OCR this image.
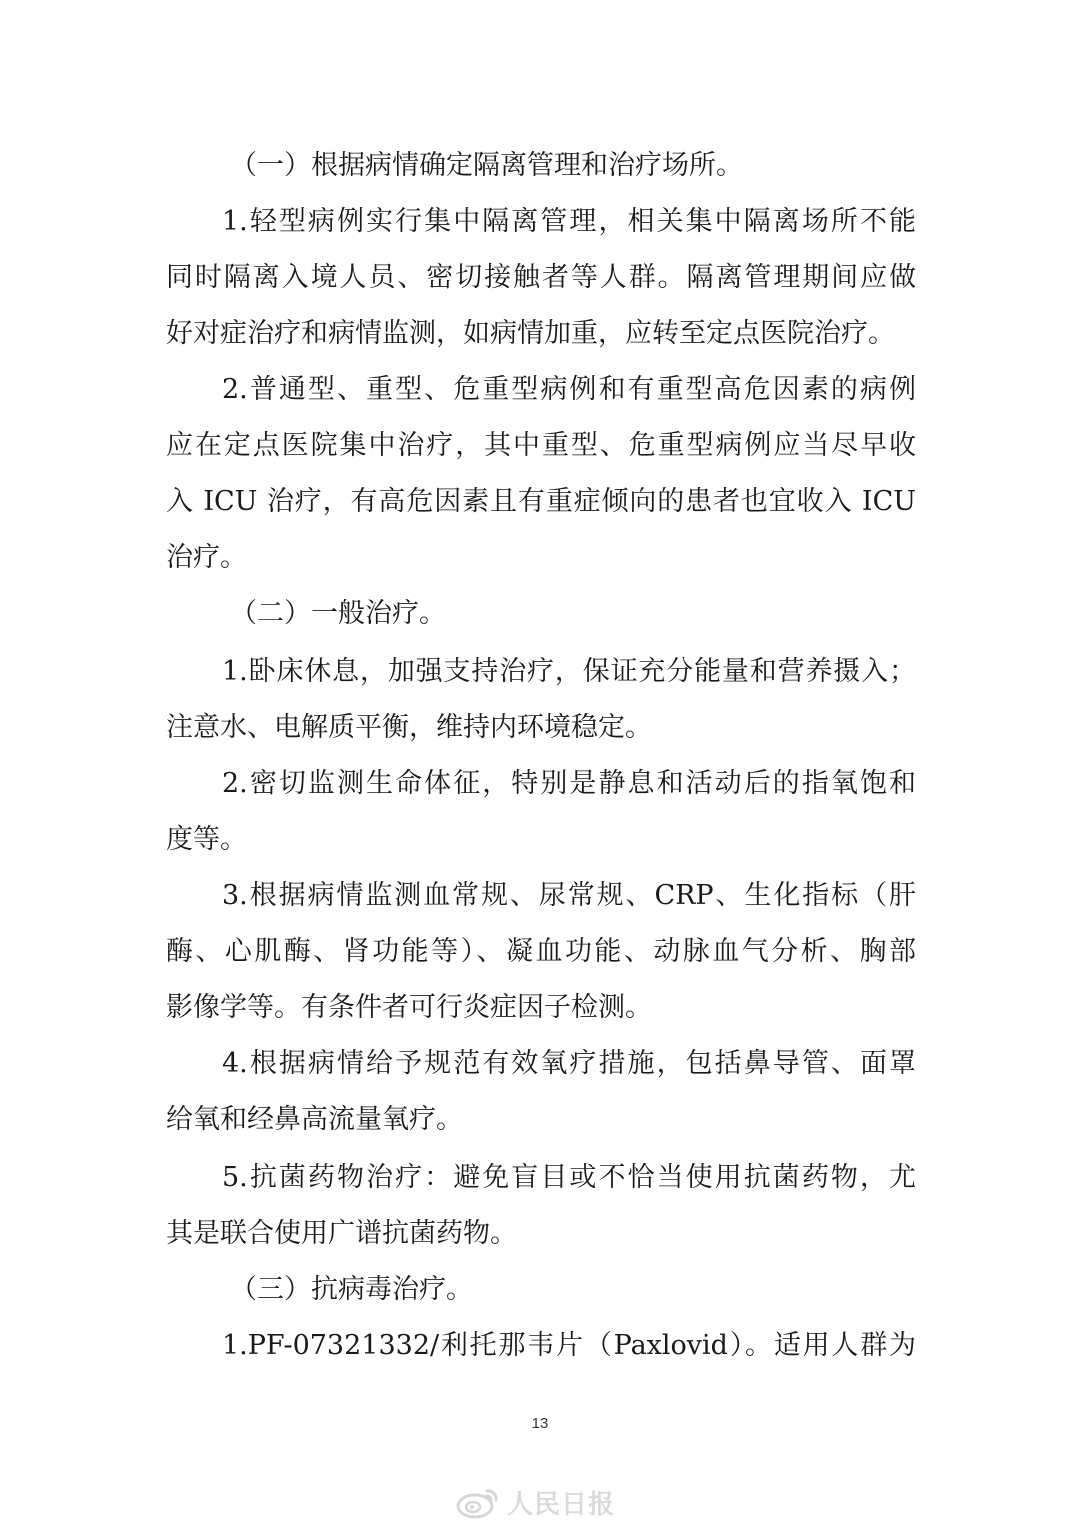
（一）根据病情确定隔离管理和治疗场所。
1.轻型病例实行集中隔离管理，相关集中隔离场所不能
同时隔离入境人员、密切接触者等人群。隔离管理期间应做
好对症治疗和病情监测，如病情加重，应转至定点医院治疗。
2.普通型、重型、危重型病例和有重型高危因素的病例
应在定点医院集中治疗，其中重型、危重型病例应当尽早收
入 ICU 治疗，有高危因素且有重症倾向的患者也宜收入 ICU
治疗。
（二）一般治疗。
1.卧床休息，加强支持治疗，保证充分能量和营养摄入；
注意水、电解质平衡，维持内环境稳定。
2.密切监测生命体征，特别是静息和活动后的指氧饱和
度等。
3.根据病情监测血常规、尿常规、CRP、生化指标（肝
酶、心肌酶、肾功能等）、凝血功能、动脉血气分析、胸部
影像学等。有条件者可行炎症因子检测。
4.根据病情给予规范有效氧疗措施，包括鼻导管、面罩
给氧和经鼻高流量氧疗。
5.抗菌药物治疗：避免盲目或不恰当使用抗菌药物，尤
其是联合使用广谱抗菌药物。
（三）抗病毒治疗。
1.PF-07321332/利托那韦片（Paxlovid）。适用人群为
13
人民日报
